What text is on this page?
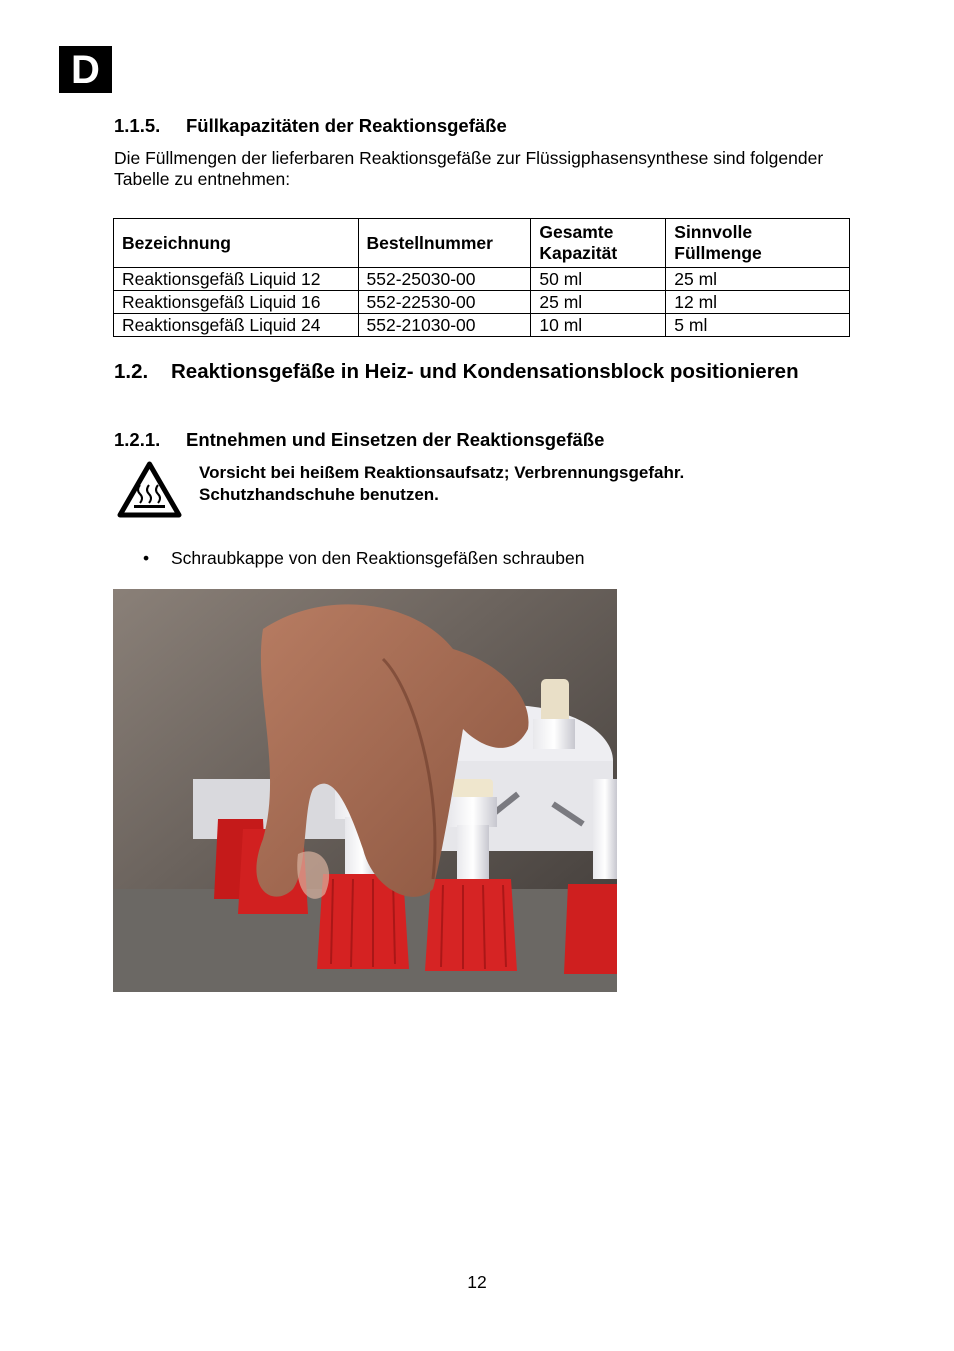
D
1.1.5. Füllkapazitäten der Reaktionsgefäße
Die Füllmengen der lieferbaren Reaktionsgefäße zur Flüssigphasensynthese sind folgender Tabelle zu entnehmen:
Bezeichnung	Bestellnummer	Gesamte Kapazität	Sinnvolle Füllmenge

Reaktionsgefäß Liquid 12	552-25030-00	50 ml	25 ml
Reaktionsgefäß Liquid 16	552-22530-00	25 ml	12 ml
Reaktionsgefäß Liquid 24	552-21030-00	10 ml	5 ml
1.2. Reaktionsgefäße in Heiz- und Kondensationsblock positionieren
1.2.1. Entnehmen und Einsetzen der Reaktionsgefäße
Vorsicht bei heißem Reaktionsaufsatz; Verbrennungsgefahr.
Schutzhandschuhe benutzen.
• Schraubkappe von den Reaktionsgefäßen schrauben
12
